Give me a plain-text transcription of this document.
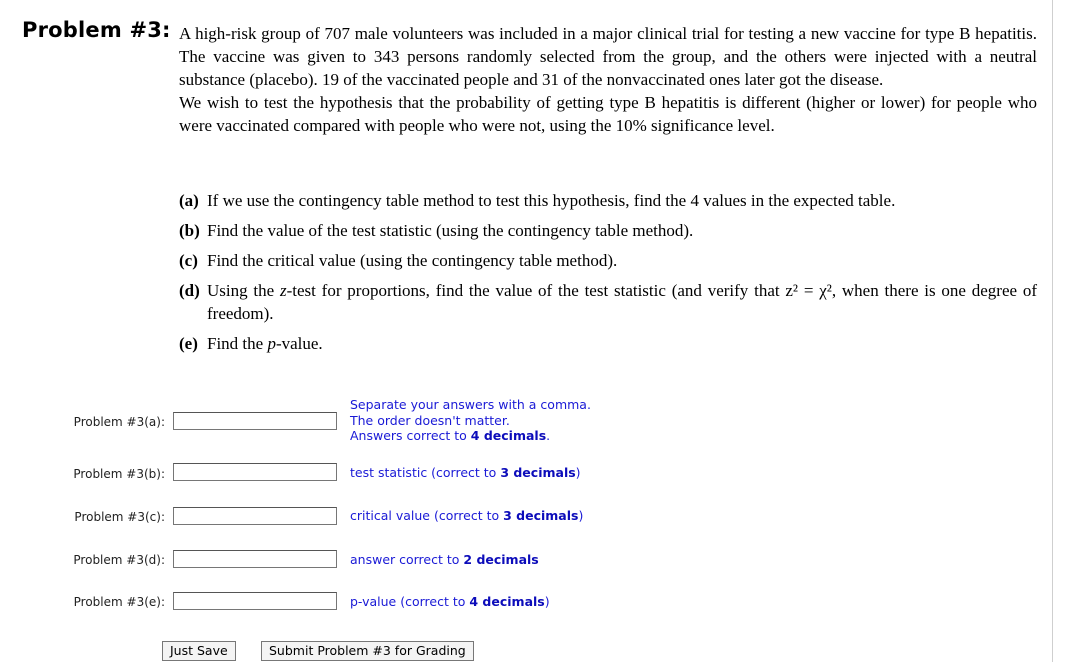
Problem #3: A high-risk group of 707 male volunteers was included in a major clinical trial for testing a new vaccine for type B hepatitis. The vaccine was given to 343 persons randomly selected from the group, and the others were injected with a neutral substance (placebo). 19 of the vaccinated people and 31 of the nonvaccinated ones later got the disease.

We wish to test the hypothesis that the probability of getting type B hepatitis is different (higher or lower) for people who were vaccinated compared with people who were not, using the 10% significance level.

(a) If we use the contingency table method to test this hypothesis, find the 4 values in the expected table.
(b) Find the value of the test statistic (using the contingency table method).
(c) Find the critical value (using the contingency table method).
(d) Using the z-test for proportions, find the value of the test statistic (and verify that z² = χ², when there is one degree of freedom).
(e) Find the p-value.
Problem #3(a):
Separate your answers with a comma.
The order doesn't matter.
Answers correct to 4 decimals.
Problem #3(b):	test statistic (correct to 3 decimals)
Problem #3(c):	critical value (correct to 3 decimals)
Problem #3(d):	answer correct to 2 decimals
Problem #3(e):	p-value (correct to 4 decimals)
Just Save	Submit Problem #3 for Grading
